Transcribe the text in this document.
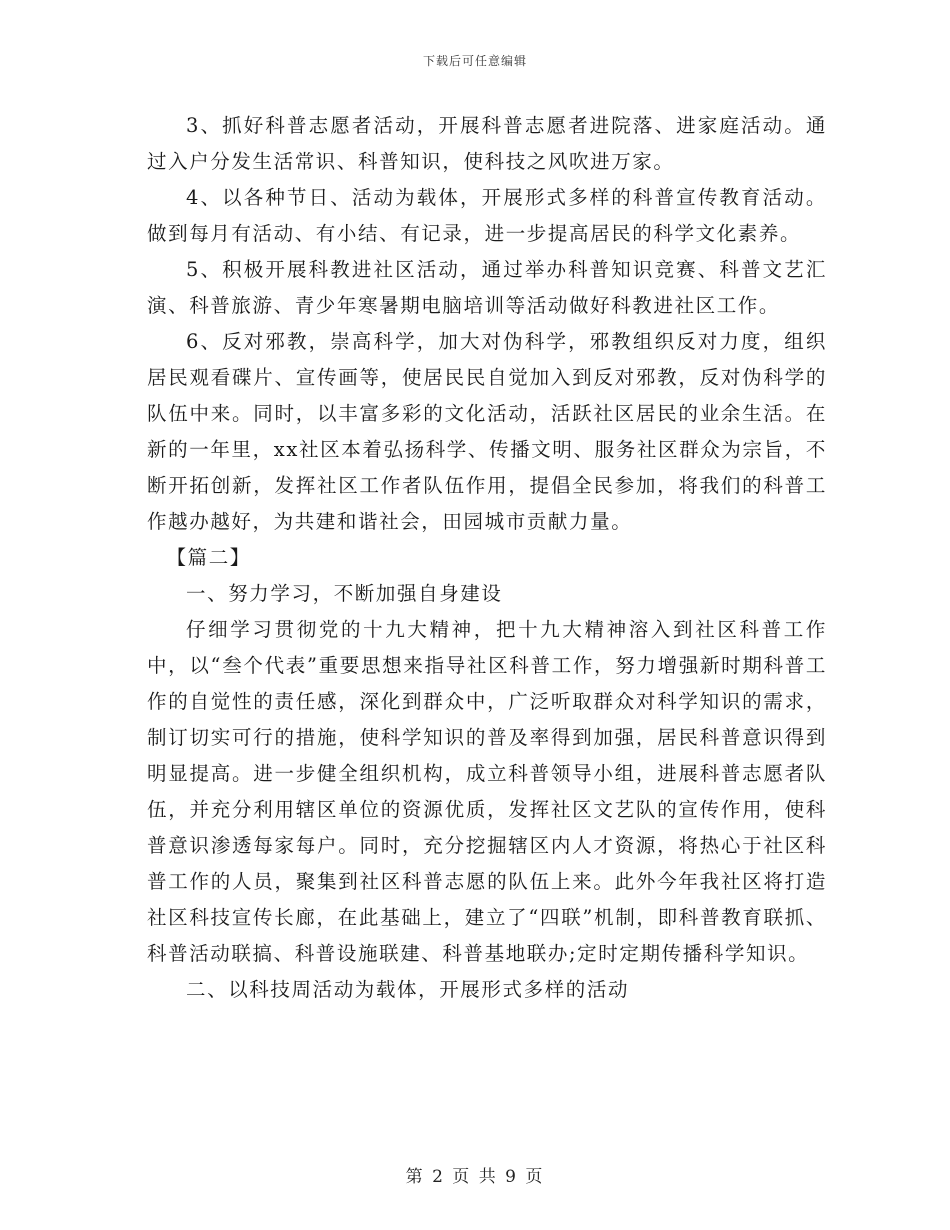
下载后可任意编辑

3、抓好科普志愿者活动，开展科普志愿者进院落、进家庭活动。通过入户分发生活常识、科普知识，使科技之风吹进万家。

4、以各种节日、活动为载体，开展形式多样的科普宣传教育活动。做到每月有活动、有小结、有记录，进一步提高居民的科学文化素养。

5、积极开展科教进社区活动，通过举办科普知识竞赛、科普文艺汇演、科普旅游、青少年寒暑期电脑培训等活动做好科教进社区工作。

6、反对邪教，崇高科学，加大对伪科学，邪教组织反对力度，组织居民观看碟片、宣传画等，使居民民自觉加入到反对邪教，反对伪科学的队伍中来。同时，以丰富多彩的文化活动，活跃社区居民的业余生活。在新的一年里，xx社区本着弘扬科学、传播文明、服务社区群众为宗旨，不断开拓创新，发挥社区工作者队伍作用，提倡全民参加，将我们的科普工作越办越好，为共建和谐社会，田园城市贡献力量。

【篇二】

一、努力学习，不断加强自身建设

仔细学习贯彻党的十九大精神，把十九大精神溶入到社区科普工作中，以“叁个代表”重要思想来指导社区科普工作，努力增强新时期科普工作的自觉性的责任感，深化到群众中，广泛听取群众对科学知识的需求，制订切实可行的措施，使科学知识的普及率得到加强，居民科普意识得到明显提高。进一步健全组织机构，成立科普领导小组，进展科普志愿者队伍，并充分利用辖区单位的资源优质，发挥社区文艺队的宣传作用，使科普意识渗透每家每户。同时，充分挖掘辖区内人才资源，将热心于社区科普工作的人员，聚集到社区科普志愿的队伍上来。此外今年我社区将打造社区科技宣传长廊，在此基础上，建立了“四联”机制，即科普教育联抓、科普活动联搞、科普设施联建、科普基地联办;定时定期传播科学知识。

二、以科技周活动为载体，开展形式多样的活动

第 2 页 共 9 页
